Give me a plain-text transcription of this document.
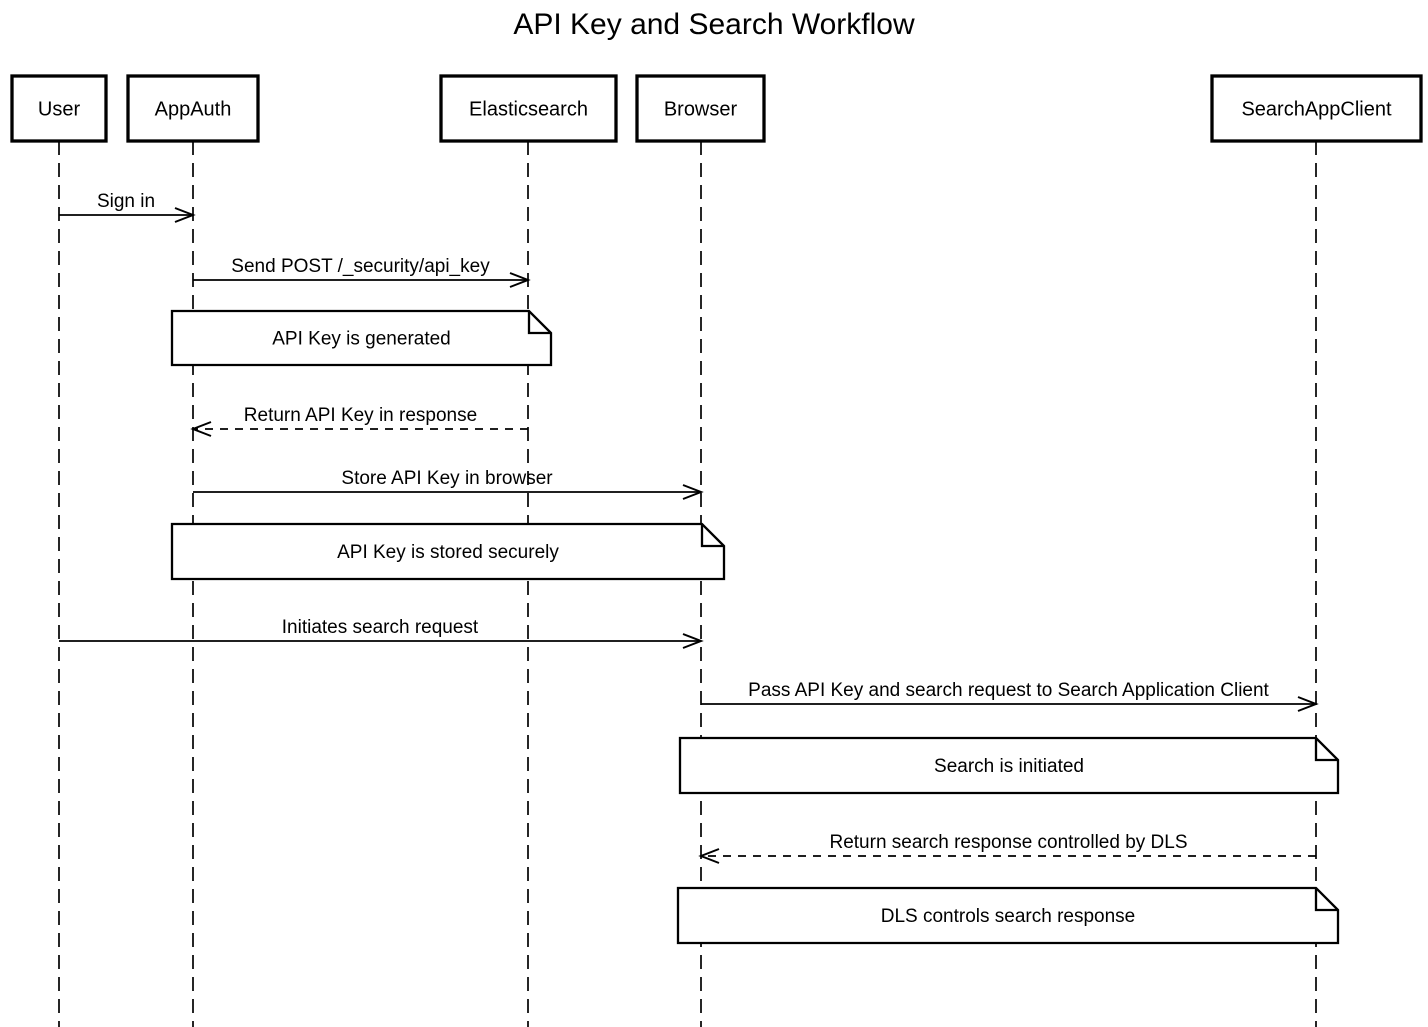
API Key and Search Workflow
User	AppAuth	Elasticsearch	Browser	SearchAppClient
API Key is generated
API Key is stored securely
Search is initiated
DLS controls search response
Sign in
Send POST /_security/api_key
Return API Key in response
Store API Key in browser
Initiates search request
Pass API Key and search request to Search Application Client
Return search response controlled by DLS
